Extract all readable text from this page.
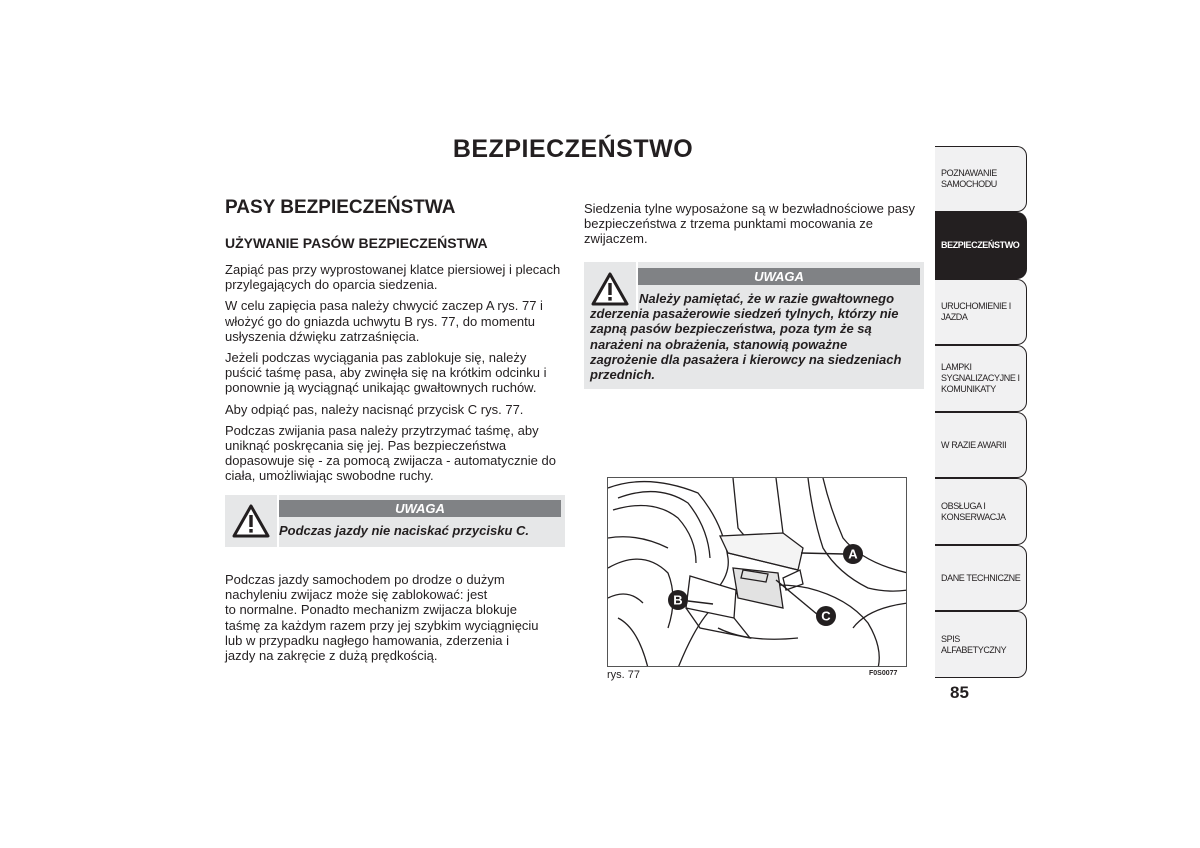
BEZPIECZEŃSTWO
PASY BEZPIECZEŃSTWA
UŻYWANIE PASÓW BEZPIECZEŃSTWA

Zapiąć pas przy wyprostowanej klatce piersiowej i plecach przylegających do oparcia siedzenia.

W celu zapięcia pasa należy chwycić zaczep A rys. 77 i włożyć go do gniazda uchwytu B rys. 77, do momentu usłyszenia dźwięku zatrzaśnięcia.

Jeżeli podczas wyciągania pas zablokuje się, należy puścić taśmę pasa, aby zwinęła się na krótkim odcinku i ponownie ją wyciągnąć unikając gwałtownych ruchów.

Aby odpiąć pas, należy nacisnąć przycisk C rys. 77.

Podczas zwijania pasa należy przytrzymać taśmę, aby uniknąć poskręcania się jej. Pas bezpieczeństwa dopasowuje się - za pomocą zwijacza - automatycznie do ciała, umożliwiając swobodne ruchy.

UWAGA
Podczas jazdy nie naciskać przycisku C.
Podczas jazdy samochodem po drodze o dużym
nachyleniu zwijacz może się zablokować: jest
to normalne. Ponadto mechanizm zwijacza blokuje
taśmę za każdym razem przy jej szybkim wyciągnięciu
lub w przypadku nagłego hamowania, zderzenia i
jazdy na zakręcie z dużą prędkością.

Siedzenia tylne wyposażone są w bezwładnościowe pasy bezpieczeństwa z trzema punktami mocowania ze zwijaczem.

UWAGA
Należy pamiętać, że w razie gwałtownego zderzenia pasażerowie siedzeń tylnych, którzy nie zapną pasów bezpieczeństwa, poza tym że są narażeni na obrażenia, stanowią poważne zagrożenie dla pasażera i kierowcy na siedzeniach przednich.
A
B
C
rys. 77	F0S0077
POZNAWANIE SAMOCHODU
BEZPIECZEŃSTWO
URUCHOMIENIE I JAZDA
LAMPKI SYGNALIZACYJNE I KOMUNIKATY
W RAZIE AWARII
OBSŁUGA I KONSERWACJA
DANE TECHNICZNE
SPIS ALFABETYCZNY
85
